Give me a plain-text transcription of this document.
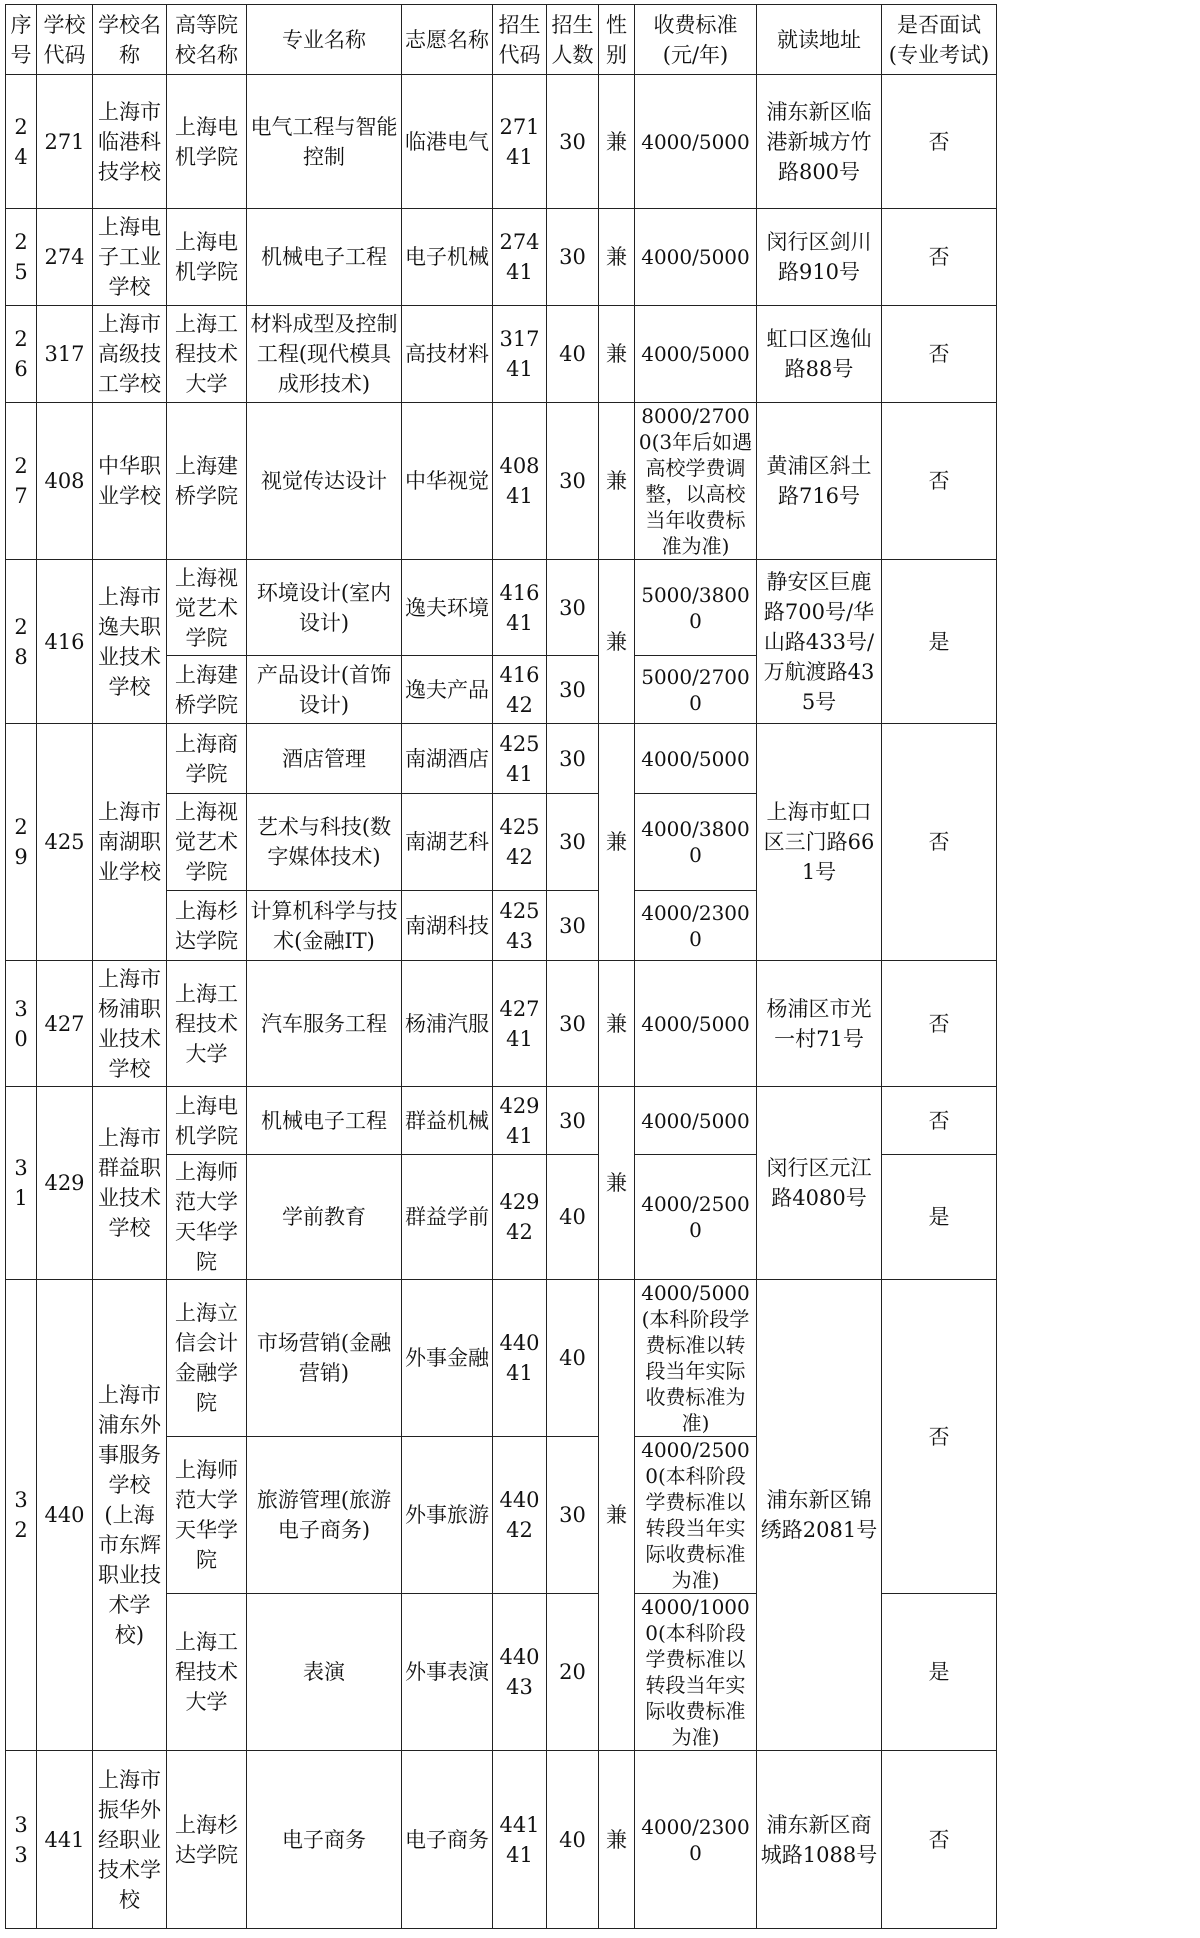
序号	学校代码	学校名称	高等院校名称	专业名称	志愿名称	招生代码	招生人数	性别	收费标准(元/年)	就读地址	是否面试(专业考试)
24	271	上海市临港科技学校	上海电机学院	电气工程与智能控制	临港电气	27141	30	兼	4000/5000	浦东新区临港新城方竹路800号	否
25	274	上海电子工业学校	上海电机学院	机械电子工程	电子机械	27441	30	兼	4000/5000	闵行区剑川路910号	否
26	317	上海市高级技工学校	上海工程技术大学	材料成型及控制工程(现代模具成形技术)	高技材料	31741	40	兼	4000/5000	虹口区逸仙路88号	否
27	408	中华职业学校	上海建桥学院	视觉传达设计	中华视觉	40841	30	兼	8000/27000(3年后如遇高校学费调整，以高校当年收费标准为准)	黄浦区斜土路716号	否
28	416	上海市逸夫职业技术学校	上海视觉艺术学院	环境设计(室内设计)	逸夫环境	41641	30	兼	5000/38000	静安区巨鹿路700号/华山路433号/万航渡路435号	是
			上海建桥学院	产品设计(首饰设计)	逸夫产品	41642	30		5000/27000		
29	425	上海市南湖职业学校	上海商学院	酒店管理	南湖酒店	42541	30	兼	4000/5000	上海市虹口区三门路661号	否
			上海视觉艺术学院	艺术与科技(数字媒体技术)	南湖艺科	42542	30		4000/38000		
			上海杉达学院	计算机科学与技术(金融IT)	南湖科技	42543	30		4000/23000		
30	427	上海市杨浦职业技术学校	上海工程技术大学	汽车服务工程	杨浦汽服	42741	30	兼	4000/5000	杨浦区市光一村71号	否
31	429	上海市群益职业技术学校	上海电机学院	机械电子工程	群益机械	42941	30	兼	4000/5000	闵行区元江路4080号	否
			上海师范大学天华学院	学前教育	群益学前	42942	40		4000/25000		是
32	440	上海市浦东外事服务学校(上海市东辉职业技术学校)	上海立信会计金融学院	市场营销(金融营销)	外事金融	44041	40	兼	4000/5000(本科阶段学费标准以转段当年实际收费标准为准)	浦东新区锦绣路2081号	否
			上海师范大学天华学院	旅游管理(旅游电子商务)	外事旅游	44042	30		4000/25000(本科阶段学费标准以转段当年实际收费标准为准)		
			上海工程技术大学	表演	外事表演	44043	20		4000/10000(本科阶段学费标准以转段当年实际收费标准为准)		是
33	441	上海市振华外经职业技术学校	上海杉达学院	电子商务	电子商务	44141	40	兼	4000/23000	浦东新区商城路1088号	否
